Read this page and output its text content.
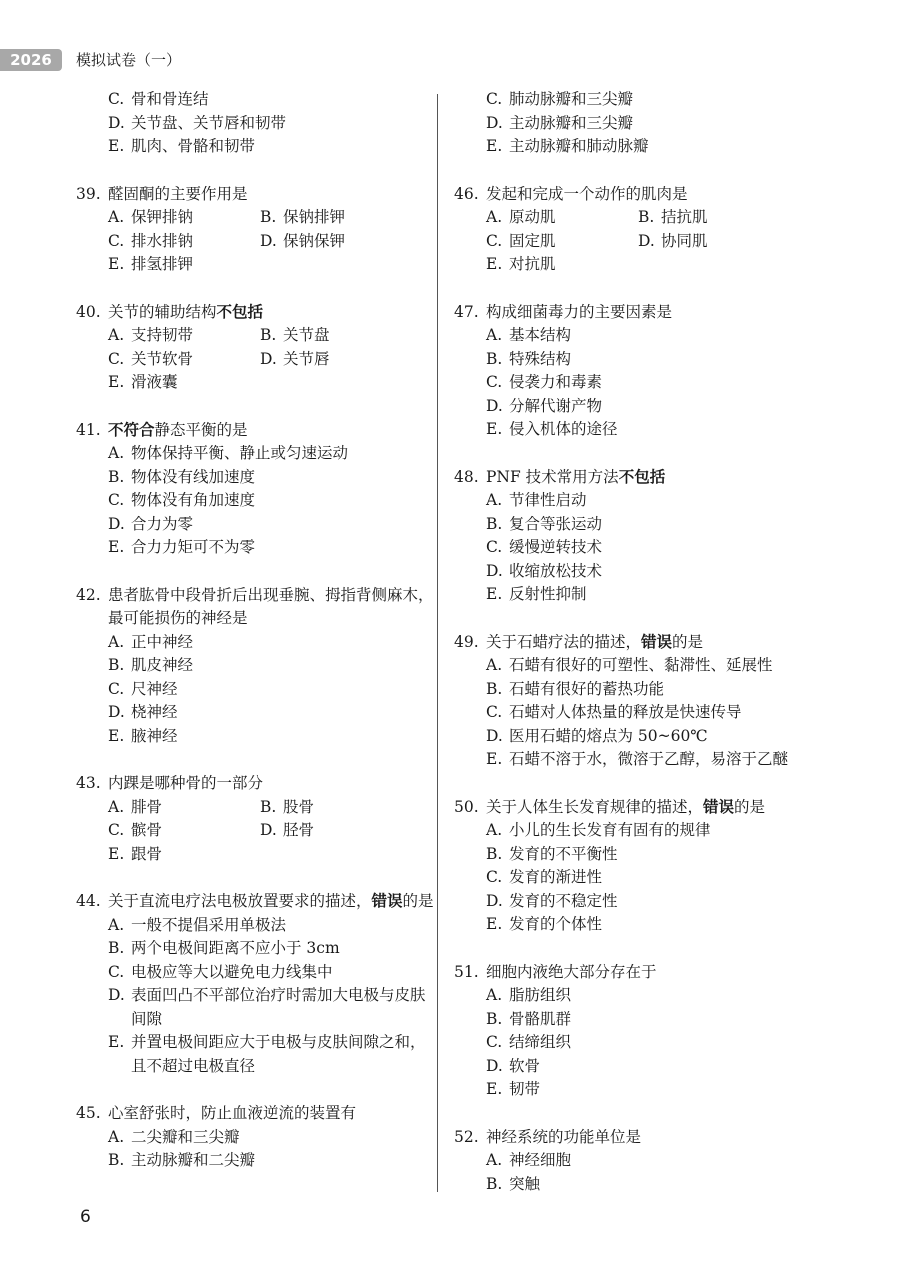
2026	模拟试卷（一）
C. 骨和骨连结
D. 关节盘、关节唇和韧带
E. 肌肉、骨骼和韧带
39. 醛固酮的主要作用是
A. 保钾排钠	B. 保钠排钾
C. 排水排钠	D. 保钠保钾
E. 排氢排钾
40. 关节的辅助结构不包括
A. 支持韧带	B. 关节盘
C. 关节软骨	D. 关节唇
E. 滑液囊
41. 不符合静态平衡的是
A. 物体保持平衡、静止或匀速运动
B. 物体没有线加速度
C. 物体没有角加速度
D. 合力为零
E. 合力力矩可不为零
42. 患者肱骨中段骨折后出现垂腕、拇指背侧麻木，最可能损伤的神经是
A. 正中神经
B. 肌皮神经
C. 尺神经
D. 桡神经
E. 腋神经
43. 内踝是哪种骨的一部分
A. 腓骨	B. 股骨
C. 髌骨	D. 胫骨
E. 跟骨
44. 关于直流电疗法电极放置要求的描述，错误的是
A. 一般不提倡采用单极法
B. 两个电极间距离不应小于 3cm
C. 电极应等大以避免电力线集中
D. 表面凹凸不平部位治疗时需加大电极与皮肤间隙
E. 并置电极间距应大于电极与皮肤间隙之和，且不超过电极直径
45. 心室舒张时，防止血液逆流的装置有
A. 二尖瓣和三尖瓣
B. 主动脉瓣和二尖瓣
C. 肺动脉瓣和三尖瓣
D. 主动脉瓣和三尖瓣
E. 主动脉瓣和肺动脉瓣
46. 发起和完成一个动作的肌肉是
A. 原动肌	B. 拮抗肌
C. 固定肌	D. 协同肌
E. 对抗肌
47. 构成细菌毒力的主要因素是
A. 基本结构
B. 特殊结构
C. 侵袭力和毒素
D. 分解代谢产物
E. 侵入机体的途径
48. PNF 技术常用方法不包括
A. 节律性启动
B. 复合等张运动
C. 缓慢逆转技术
D. 收缩放松技术
E. 反射性抑制
49. 关于石蜡疗法的描述，错误的是
A. 石蜡有很好的可塑性、黏滞性、延展性
B. 石蜡有很好的蓄热功能
C. 石蜡对人体热量的释放是快速传导
D. 医用石蜡的熔点为 50~60℃
E. 石蜡不溶于水，微溶于乙醇，易溶于乙醚
50. 关于人体生长发育规律的描述，错误的是
A. 小儿的生长发育有固有的规律
B. 发育的不平衡性
C. 发育的渐进性
D. 发育的不稳定性
E. 发育的个体性
51. 细胞内液绝大部分存在于
A. 脂肪组织
B. 骨骼肌群
C. 结缔组织
D. 软骨
E. 韧带
52. 神经系统的功能单位是
A. 神经细胞
B. 突触
6
